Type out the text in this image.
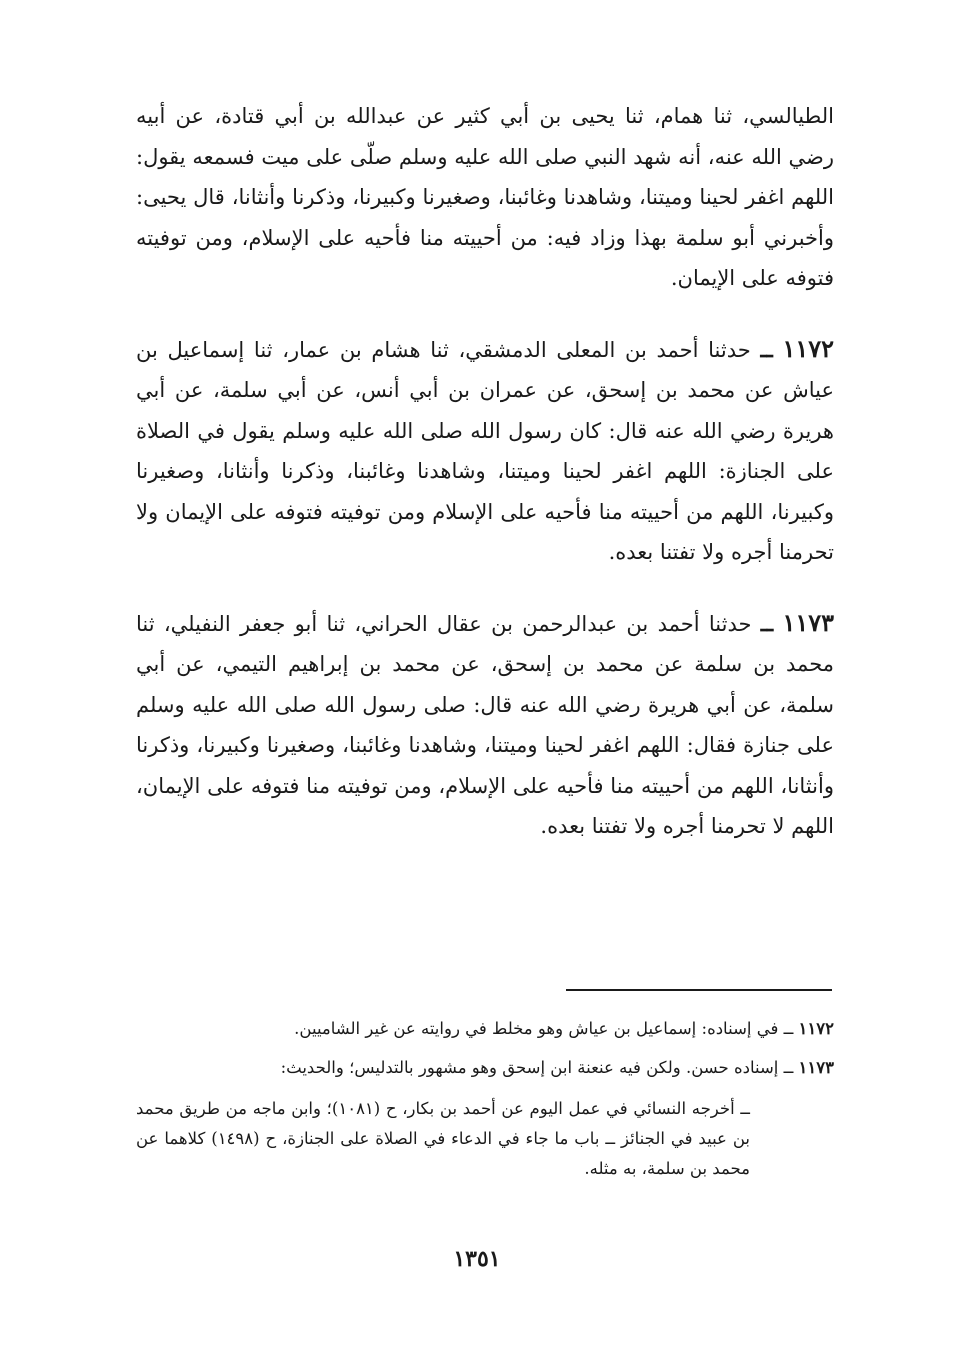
الطيالسي، ثنا همام، ثنا يحيى بن أبي كثير عن عبدالله بن أبي قتادة، عن أبيه رضي الله عنه، أنه شهد النبي صلى الله عليه وسلم صلّى على ميت فسمعه يقول: اللهم اغفر لحينا وميتنا، وشاهدنا وغائبنا، وصغيرنا وكبيرنا، وذكرنا وأنثانا، قال يحيى: وأخبرني أبو سلمة بهذا وزاد فيه: من أحييته منا فأحيه على الإسلام، ومن توفيته فتوفه على الإيمان.

١١٧٢ ــ حدثنا أحمد بن المعلى الدمشقي، ثنا هشام بن عمار، ثنا إسماعيل بن عياش عن محمد بن إسحق، عن عمران بن أبي أنس، عن أبي سلمة، عن أبي هريرة رضي الله عنه قال: كان رسول الله صلى الله عليه وسلم يقول في الصلاة على الجنازة: اللهم اغفر لحينا وميتنا، وشاهدنا وغائبنا، وذكرنا وأنثانا، وصغيرنا وكبيرنا، اللهم من أحييته منا فأحيه على الإسلام ومن توفيته فتوفه على الإيمان ولا تحرمنا أجره ولا تفتنا بعده.

١١٧٣ ــ حدثنا أحمد بن عبدالرحمن بن عقال الحراني، ثنا أبو جعفر النفيلي، ثنا محمد بن سلمة عن محمد بن إسحق، عن محمد بن إبراهيم التيمي، عن أبي سلمة، عن أبي هريرة رضي الله عنه قال: صلى رسول الله صلى الله عليه وسلم على جنازة فقال: اللهم اغفر لحينا وميتنا، وشاهدنا وغائبنا، وصغيرنا وكبيرنا، وذكرنا وأنثانا، اللهم من أحييته منا فأحيه على الإسلام، ومن توفيته منا فتوفه على الإيمان، اللهم لا تحرمنا أجره ولا تفتنا بعده.

١١٧٢ ــ في إسناده: إسماعيل بن عياش وهو مخلط في روايته عن غير الشاميين.

١١٧٣ ــ إسناده حسن. ولكن فيه عنعنة ابن إسحق وهو مشهور بالتدليس؛ والحديث:

ــ أخرجه النسائي في عمل اليوم عن أحمد بن بكار، ح (١٠٨١)؛ وابن ماجه من طريق محمد بن عبيد في الجنائز ــ باب ما جاء في الدعاء في الصلاة على الجنازة، ح (١٤٩٨) كلاهما عن محمد بن سلمة، به مثله.

١٣٥١
